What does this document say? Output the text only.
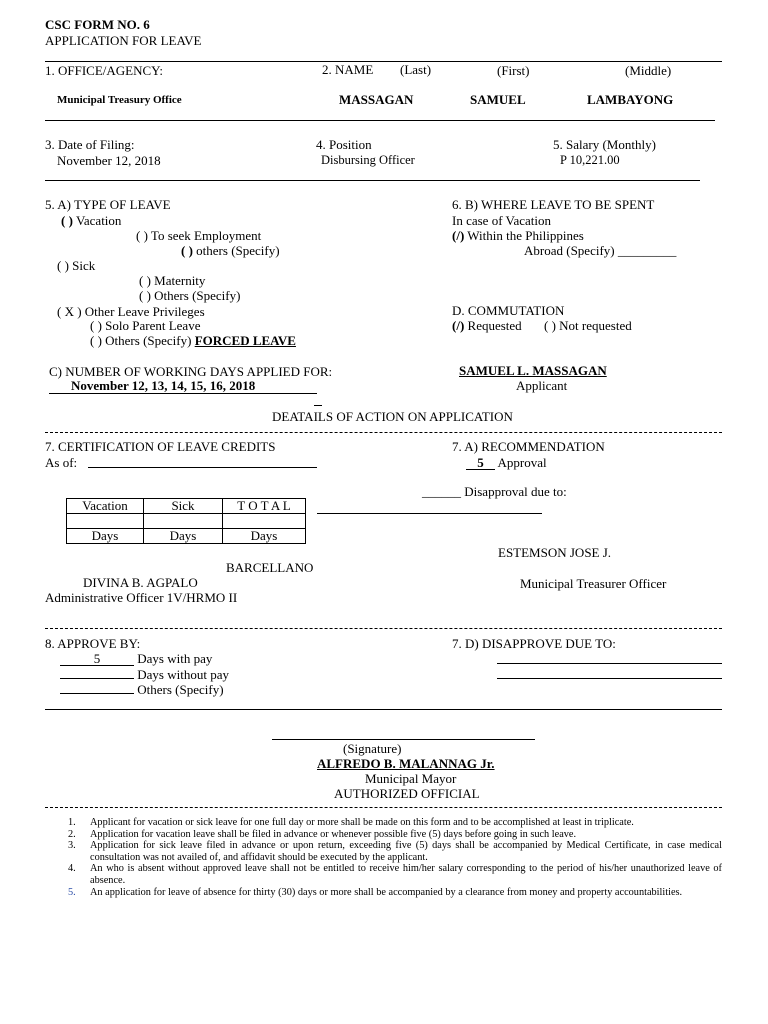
CSC FORM NO. 6
APPLICATION FOR LEAVE
1. OFFICE/AGENCY:
Municipal Treasury Office
2. NAME (Last)	(First)	(Middle)
MASSAGAN	SAMUEL	LAMBAYONG
3. Date of Filing:
November 12, 2018
4. Position
Disbursing Officer
5. Salary (Monthly)
P 10,221.00
5. A) TYPE OF LEAVE
( ) Vacation
( ) To seek Employment
( ) others (Specify)
( ) Sick
( ) Maternity
( ) Others (Specify)
( X ) Other Leave Privileges
( ) Solo Parent Leave
( ) Others (Specify) FORCED LEAVE
6. B) WHERE LEAVE TO BE SPENT
In case of Vacation
(/) Within the Philippines
Abroad (Specify) _________
D. COMMUTATION
(/) Requested ( ) Not requested
C) NUMBER OF WORKING DAYS APPLIED FOR:
November 12, 13, 14, 15, 16, 2018
SAMUEL L. MASSAGAN
Applicant
DEATAILS OF ACTION ON APPLICATION
7. CERTIFICATION OF LEAVE CREDITS
As of:
Vacation	Sick	T O T A L

Days	Days	Days
7. A) RECOMMENDATION
5 Approval
______ Disapproval due to:
ESTEMSON JOSE J.
BARCELLANO
DIVINA B. AGPALO	Municipal Treasurer Officer
Administrative Officer 1V/HRMO II
8. APPROVE BY:
5	Days with pay
Days without pay
Others (Specify)
7. D) DISAPPROVE DUE TO:
(Signature)
ALFREDO B. MALANNAG Jr.
Municipal Mayor
AUTHORIZED OFFICIAL
1.	Applicant for vacation or sick leave for one full day or more shall be made on this form and to be accomplished at least in triplicate.
2.	Application for vacation leave shall be filed in advance or whenever possible five (5) days before going in such leave.
3.	Application for sick leave filed in advance or upon return, exceeding five (5) days shall be accompanied by Medical Certificate, in case medical consultation was not availed of, and affidavit should be executed by the applicant.
4.	An who is absent without approved leave shall not be entitled to receive him/her salary corresponding to the period of his/her unauthorized leave of absence.
5.	An application for leave of absence for thirty (30) days or more shall be accompanied by a clearance from money and property accountabilities.
